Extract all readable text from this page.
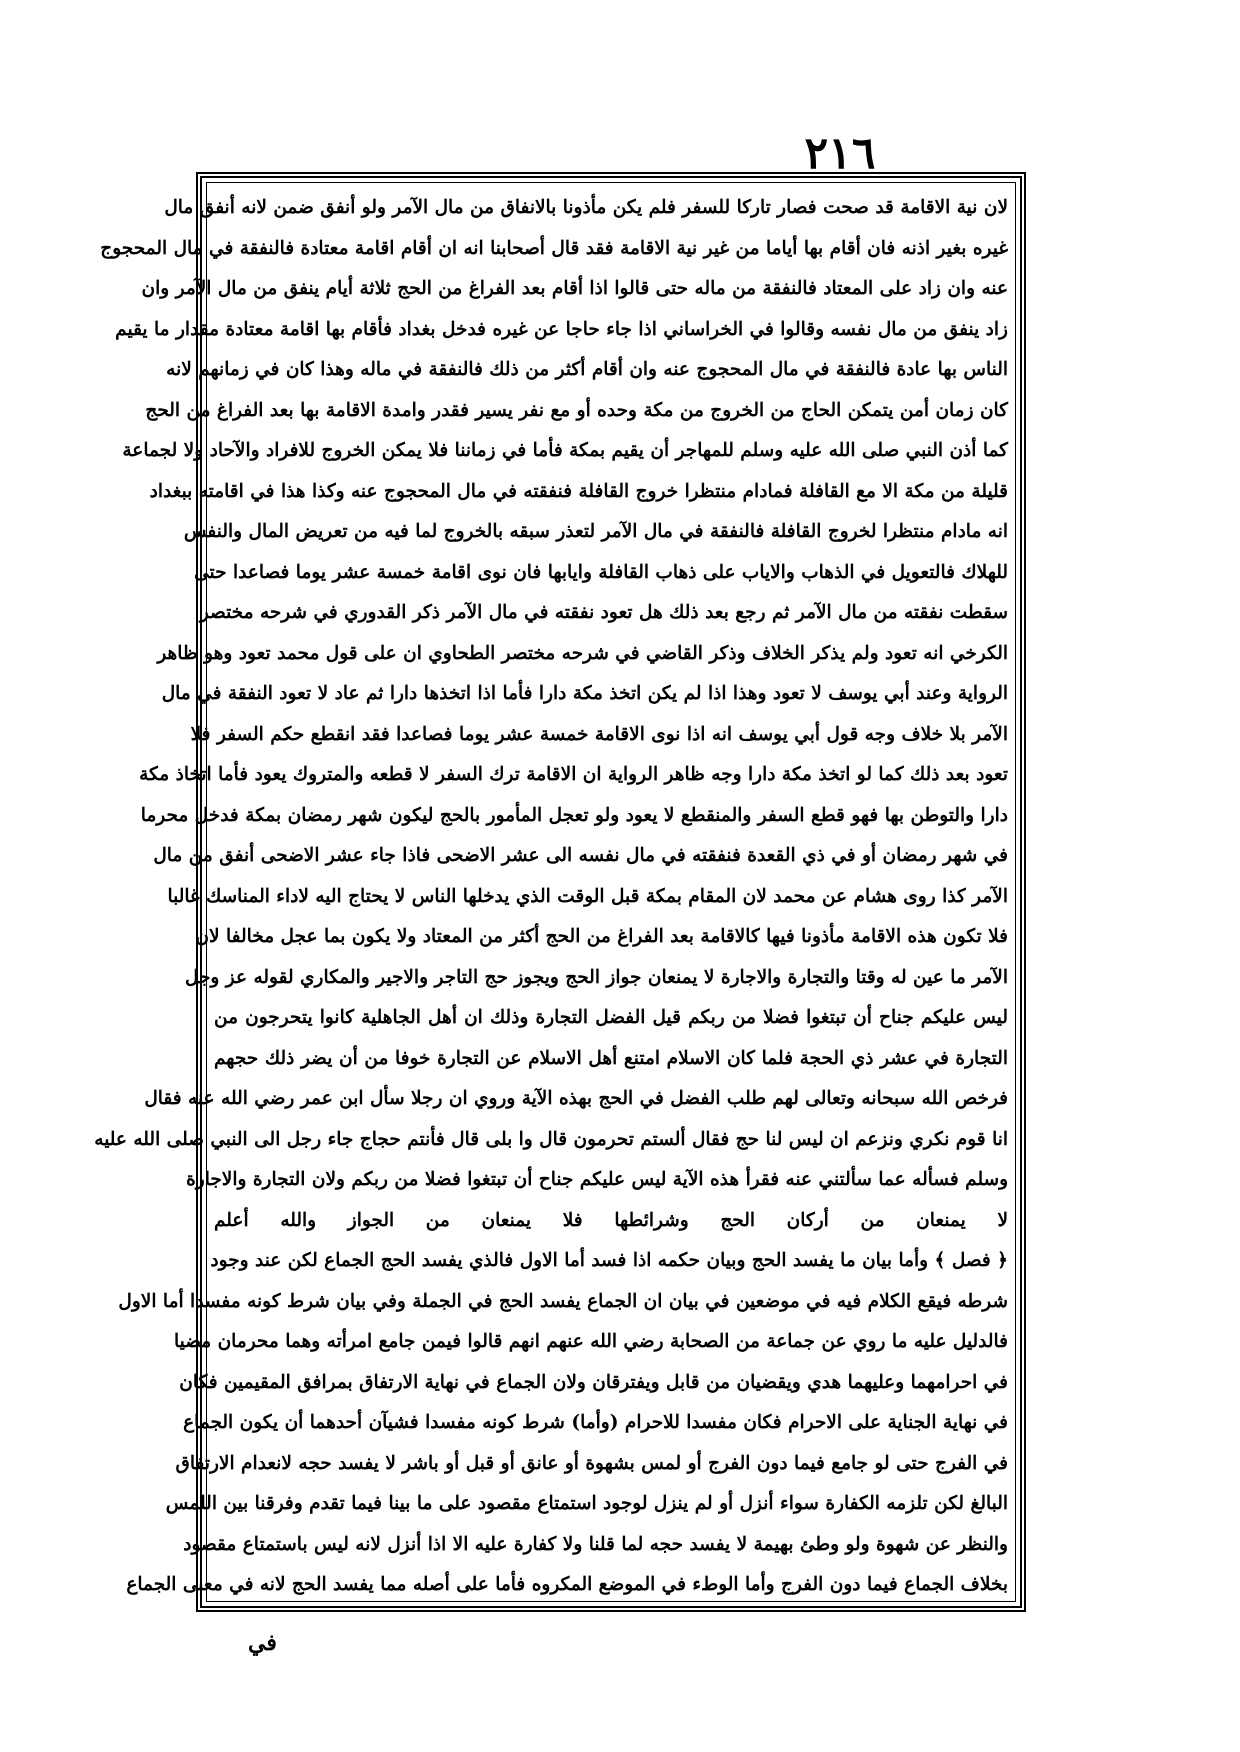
٢١٦
لان نية الاقامة قد صحت فصار تاركا للسفر فلم يكن مأذونا بالانفاق من مال الآمر ولو أنفق ضمن لانه أنفق مال
غيره بغير اذنه فان أقام بها أياما من غير نية الاقامة فقد قال أصحابنا انه ان أقام اقامة معتادة فالنفقة في مال المحجوج
عنه وان زاد على المعتاد فالنفقة من ماله حتى قالوا اذا أقام بعد الفراغ من الحج ثلاثة أيام ينفق من مال الآمر وان
زاد ينفق من مال نفسه وقالوا في الخراساني اذا جاء حاجا عن غيره فدخل بغداد فأقام بها اقامة معتادة مقدار ما يقيم
الناس بها عادة فالنفقة في مال المحجوج عنه وان أقام أكثر من ذلك فالنفقة في ماله وهذا كان في زمانهم لانه
كان زمان أمن يتمكن الحاج من الخروج من مكة وحده أو مع نفر يسير فقدر وامدة الاقامة بها بعد الفراغ من الحج
كما أذن النبي صلى الله عليه وسلم للمهاجر أن يقيم بمكة فأما في زماننا فلا يمكن الخروج للافراد والآحاد ولا لجماعة
قليلة من مكة الا مع القافلة فمادام منتظرا خروج القافلة فنفقته في مال المحجوج عنه وكذا هذا في اقامته ببغداد
انه مادام منتظرا لخروج القافلة فالنفقة في مال الآمر لتعذر سبقه بالخروج لما فيه من تعريض المال والنفس
للهلاك فالتعويل في الذهاب والاياب على ذهاب القافلة وايابها فان نوى اقامة خمسة عشر يوما فصاعدا حتى
سقطت نفقته من مال الآمر ثم رجع بعد ذلك هل تعود نفقته في مال الآمر ذكر القدوري في شرحه مختصر
الكرخي انه تعود ولم يذكر الخلاف وذكر القاضي في شرحه مختصر الطحاوي ان على قول محمد تعود وهو ظاهر
الرواية وعند أبي يوسف لا تعود وهذا اذا لم يكن اتخذ مكة دارا فأما اذا اتخذها دارا ثم عاد لا تعود النفقة في مال
الآمر بلا خلاف وجه قول أبي يوسف انه اذا نوى الاقامة خمسة عشر يوما فصاعدا فقد انقطع حكم السفر فلا
تعود بعد ذلك كما لو اتخذ مكة دارا وجه ظاهر الرواية ان الاقامة ترك السفر لا قطعه والمتروك يعود فأما اتخاذ مكة
دارا والتوطن بها فهو قطع السفر والمنقطع لا يعود ولو تعجل المأمور بالحج ليكون شهر رمضان بمكة فدخل محرما
في شهر رمضان أو في ذي القعدة فنفقته في مال نفسه الى عشر الاضحى فاذا جاء عشر الاضحى أنفق من مال
الآمر كذا روى هشام عن محمد لان المقام بمكة قبل الوقت الذي يدخلها الناس لا يحتاج اليه لاداء المناسك غالبا
فلا تكون هذه الاقامة مأذونا فيها كالاقامة بعد الفراغ من الحج أكثر من المعتاد ولا يكون بما عجل مخالفا لان
الآمر ما عين له وقتا والتجارة والاجارة لا يمنعان جواز الحج ويجوز حج التاجر والاجير والمكاري لقوله عز وجل
ليس عليكم جناح أن تبتغوا فضلا من ربكم قيل الفضل التجارة وذلك ان أهل الجاهلية كانوا يتحرجون من
التجارة في عشر ذي الحجة فلما كان الاسلام امتنع أهل الاسلام عن التجارة خوفا من أن يضر ذلك حجهم
فرخص الله سبحانه وتعالى لهم طلب الفضل في الحج بهذه الآية وروي ان رجلا سأل ابن عمر رضي الله عنه فقال
انا قوم نكري ونزعم ان ليس لنا حج فقال ألستم تحرمون قال وا بلى قال فأنتم حجاج جاء رجل الى النبي صلى الله عليه
وسلم فسأله عما سألتني عنه فقرأ هذه الآية ليس عليكم جناح أن تبتغوا فضلا من ربكم ولان التجارة والاجارة
لا يمنعان من أركان الحج وشرائطها فلا يمنعان من الجواز والله أعلم
﴿ فصل ﴾ وأما بيان ما يفسد الحج وبيان حكمه اذا فسد أما الاول فالذي يفسد الحج الجماع لكن عند وجود
شرطه فيقع الكلام فيه في موضعين في بيان ان الجماع يفسد الحج في الجملة وفي بيان شرط كونه مفسدا أما الاول
فالدليل عليه ما روي عن جماعة من الصحابة رضي الله عنهم انهم قالوا فيمن جامع امرأته وهما محرمان مضيا
في احرامهما وعليهما هدي ويقضيان من قابل ويفترقان ولان الجماع في نهاية الارتفاق بمرافق المقيمين فكان
في نهاية الجناية على الاحرام فكان مفسدا للاحرام (وأما) شرط كونه مفسدا فشيآن أحدهما أن يكون الجماع
في الفرج حتى لو جامع فيما دون الفرج أو لمس بشهوة أو عانق أو قبل أو باشر لا يفسد حجه لانعدام الارتفاق
البالغ لكن تلزمه الكفارة سواء أنزل أو لم ينزل لوجود استمتاع مقصود على ما بينا فيما تقدم وفرقنا بين اللمس
والنظر عن شهوة ولو وطئ بهيمة لا يفسد حجه لما قلنا ولا كفارة عليه الا اذا أنزل لانه ليس باستمتاع مقصود
بخلاف الجماع فيما دون الفرج وأما الوطء في الموضع المكروه فأما على أصله مما يفسد الحج لانه في معنى الجماع
في
